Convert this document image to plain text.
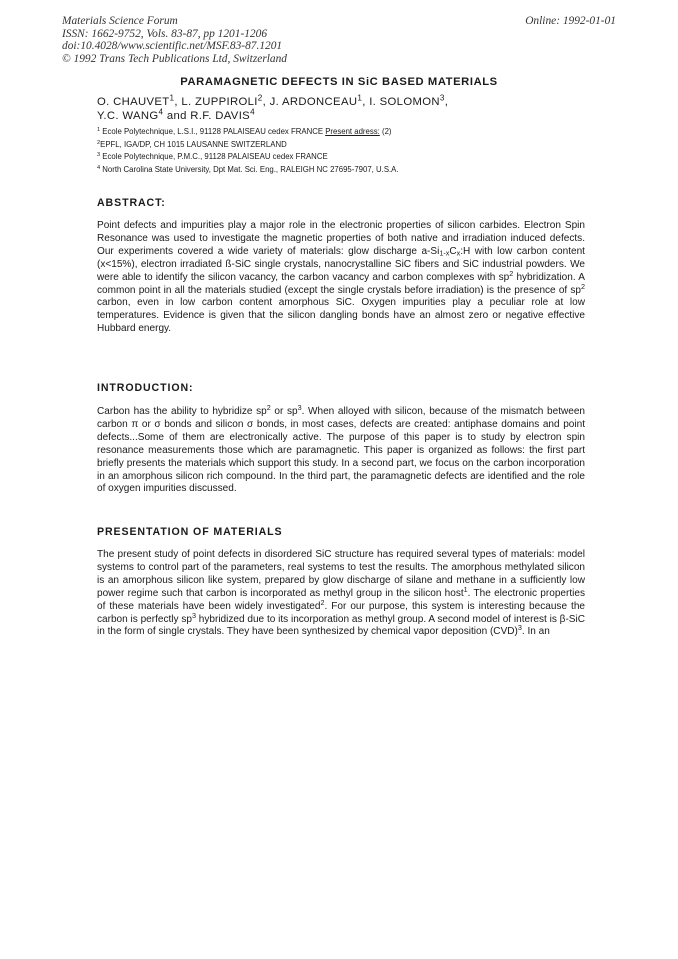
Materials Science Forum
ISSN: 1662-9752, Vols. 83-87, pp 1201-1206
doi:10.4028/www.scientific.net/MSF.83-87.1201
© 1992 Trans Tech Publications Ltd, Switzerland
Online: 1992-01-01
PARAMAGNETIC DEFECTS IN SiC BASED MATERIALS
O. CHAUVET$^1$, L. ZUPPIROLI$^2$, J. ARDONCEAU$^1$, I. SOLOMON$^3$,
Y.C. WANG$^4$ and R.F. DAVIS$^4$
$^1$ Ecole Polytechnique, L.S.I., 91128 PALAISEAU cedex FRANCE Present adress: (2)
$^2$EPFL, IGA/DP, CH 1015 LAUSANNE SWITZERLAND
$^3$ Ecole Polytechnique, P.M.C., 91128 PALAISEAU cedex FRANCE
$^4$ North Carolina State University, Dpt Mat. Sci. Eng., RALEIGH NC 27695-7907, U.S.A.
ABSTRACT:

Point defects and impurities play a major role in the electronic properties of silicon carbides. Electron Spin Resonance was used to investigate the magnetic properties of both native and irradiation induced defects. Our experiments covered a wide variety of materials: glow discharge $a-Si_{1-x}C_x:H$ with low carbon content (x<15%), electron irradiated ß-SiC single crystals, nanocrystalline SiC fibers and SiC industrial powders. We were able to identify the silicon vacancy, the carbon vacancy and carbon complexes with $sp^2$ hybridization. A common point in all the materials studied (except the single crystals before irradiation) is the presence of $sp^2$ carbon, even in low carbon content amorphous SiC. Oxygen impurities play a peculiar role at low temperatures. Evidence is given that the silicon dangling bonds have an almost zero or negative effective Hubbard energy.

INTRODUCTION:

Carbon has the ability to hybridize $sp^2$ or $sp^3$. When alloyed with silicon, because of the mismatch between carbon π or σ bonds and silicon σ bonds, in most cases, defects are created: antiphase domains and point defects...Some of them are electronically active. The purpose of this paper is to study by electron spin resonance measurements those which are paramagnetic. This paper is organized as follows: the first part briefly presents the materials which support this study. In a second part, we focus on the carbon incorporation in an amorphous silicon rich compound. In the third part, the paramagnetic defects are identified and the role of oxygen impurities discussed.

PRESENTATION OF MATERIALS

The present study of point defects in disordered SiC structure has required several types of materials: model systems to control part of the parameters, real systems to test the results. The amorphous methylated silicon is an amorphous silicon like system, prepared by glow discharge of silane and methane in a sufficiently low power regime such that carbon is incorporated as methyl group in the silicon host$^1$. The electronic properties of these materials have been widely investigated$^2$. For our purpose, this system is interesting because the carbon is perfectly $sp^3$ hybridized due to its incorporation as methyl group. A second model of interest is β-SiC in the form of single crystals. They have been synthesized by chemical vapor deposition (CVD)$^3$. In an
